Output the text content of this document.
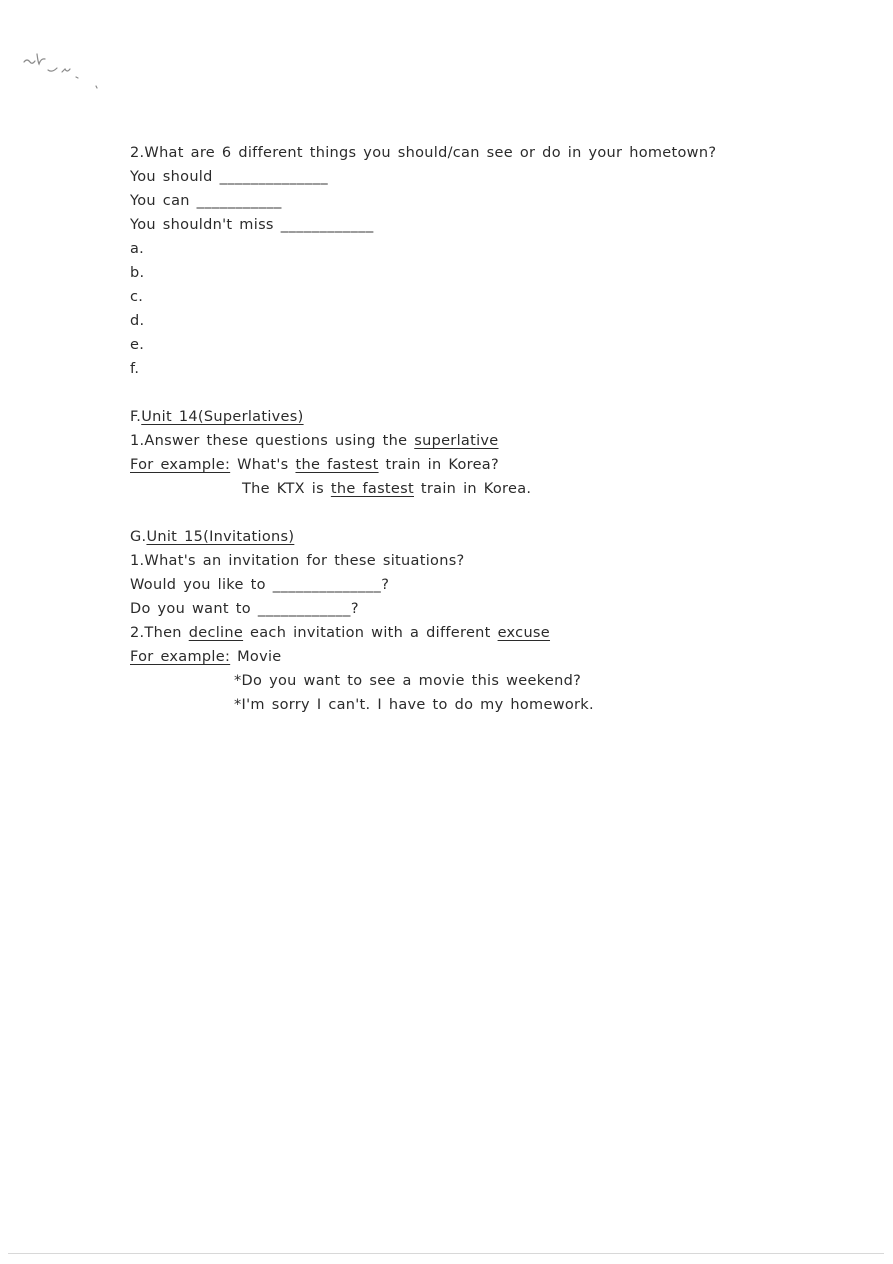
2.What are 6 different things you should/can see or do in your hometown?
You should ______________
You can ___________
You shouldn't miss ____________
a.
b.
c.
d.
e.
f.
F.Unit 14(Superlatives)
1.Answer these questions using the superlative
For example: What's the fastest train in Korea?
The KTX is the fastest train in Korea.
G.Unit 15(Invitations)
1.What's an invitation for these situations?
Would you like to ______________?
Do you want to ____________?
2.Then decline each invitation with a different excuse
For example: Movie
*Do you want to see a movie this weekend?
*I'm sorry I can't. I have to do my homework.
